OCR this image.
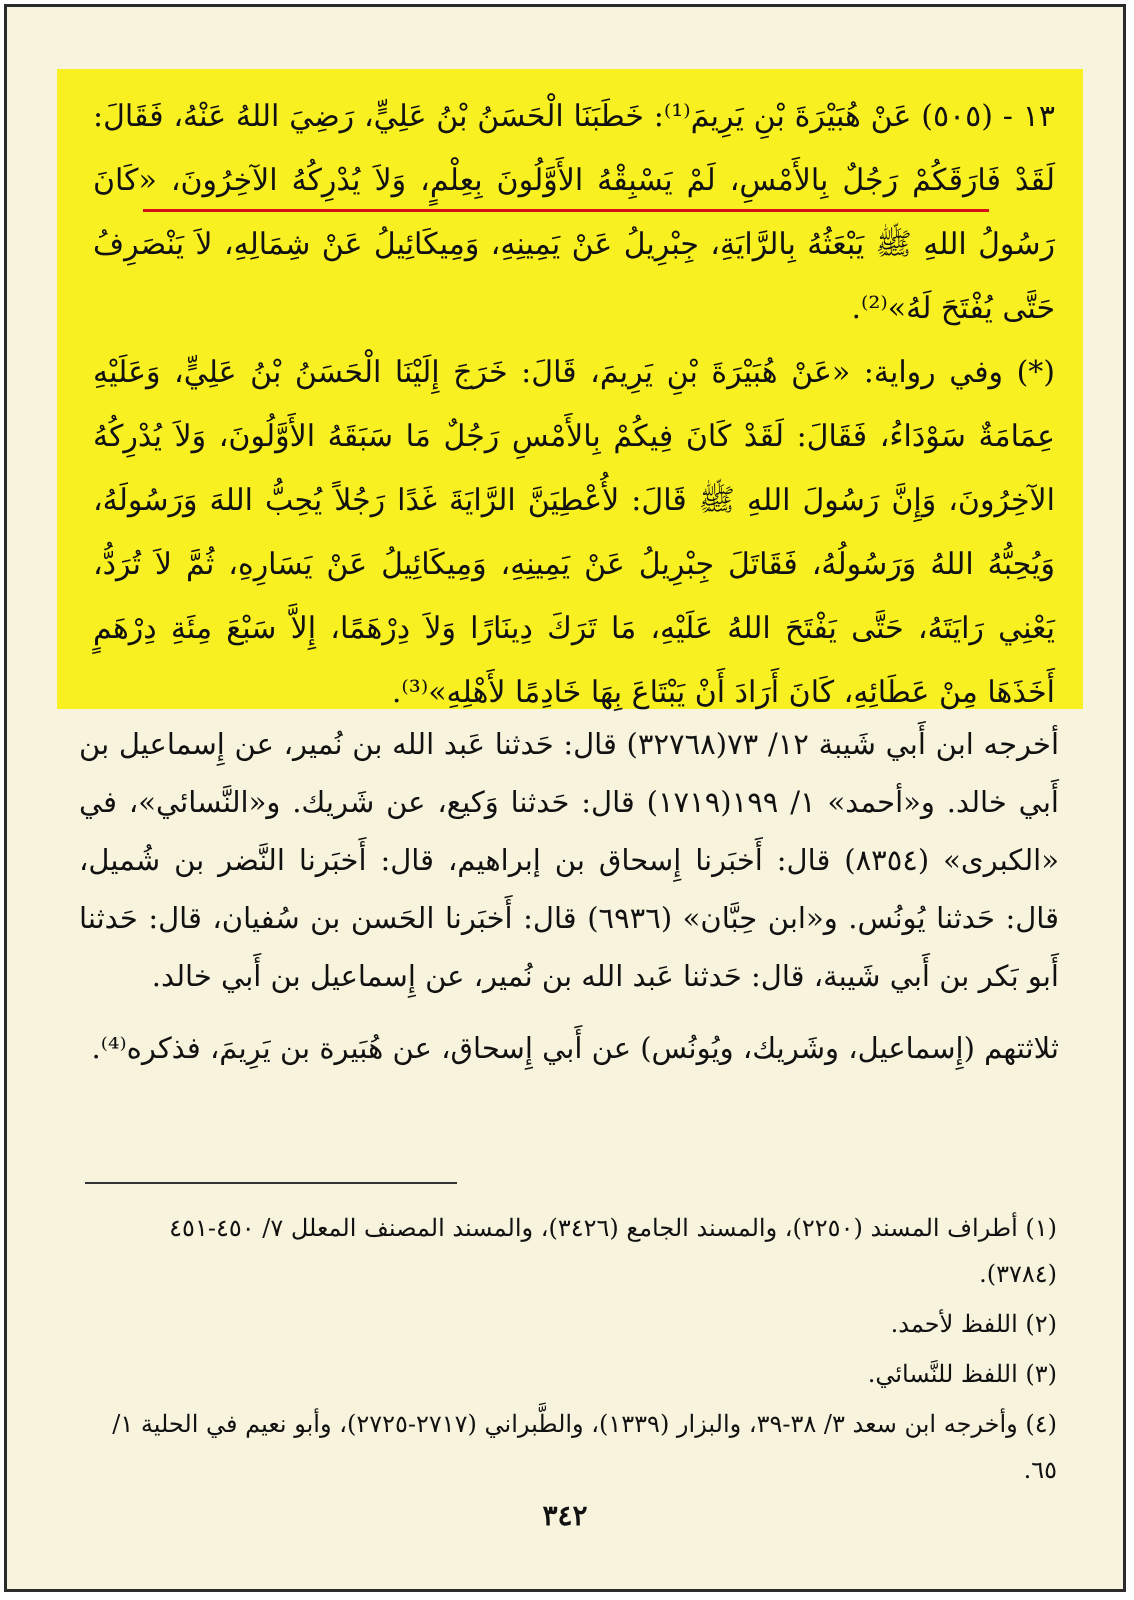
١٣ - (٥٠٥) عَنْ هُبَيْرَةَ بْنِ يَرِيمَ⁽¹⁾: خَطَبَنَا الْحَسَنُ بْنُ عَلِيٍّ، رَضِيَ اللهُ عَنْهُ، فَقَالَ: لَقَدْ فَارَقَكُمْ رَجُلٌ بِالأَمْسِ، لَمْ يَسْبِقْهُ الأَوَّلُونَ بِعِلْمٍ، وَلاَ يُدْرِكُهُ الآخِرُونَ، «كَانَ رَسُولُ اللهِ ﷺ يَبْعَثُهُ بِالرَّايَةِ، جِبْرِيلُ عَنْ يَمِينِهِ، وَمِيكَائِيلُ عَنْ شِمَالِهِ، لاَ يَنْصَرِفُ حَتَّى يُفْتَحَ لَهُ»⁽²⁾.

(*) وفي رواية: «عَنْ هُبَيْرَةَ بْنِ يَرِيمَ، قَالَ: خَرَجَ إِلَيْنَا الْحَسَنُ بْنُ عَلِيٍّ، وَعَلَيْهِ عِمَامَةٌ سَوْدَاءُ، فَقَالَ: لَقَدْ كَانَ فِيكُمْ بِالأَمْسِ رَجُلٌ مَا سَبَقَهُ الأَوَّلُونَ، وَلاَ يُدْرِكُهُ الآخِرُونَ، وَإِنَّ رَسُولَ اللهِ ﷺ قَالَ: لأُعْطِيَنَّ الرَّايَةَ غَدًا رَجُلاً يُحِبُّ اللهَ وَرَسُولَهُ، وَيُحِبُّهُ اللهُ وَرَسُولُهُ، فَقَاتَلَ جِبْرِيلُ عَنْ يَمِينِهِ، وَمِيكَائِيلُ عَنْ يَسَارِهِ، ثُمَّ لاَ تُرَدُّ، يَعْنِي رَايَتَهُ، حَتَّى يَفْتَحَ اللهُ عَلَيْهِ، مَا تَرَكَ دِينَارًا وَلاَ دِرْهَمًا، إِلاَّ سَبْعَ مِئَةِ دِرْهَمٍ أَخَذَهَا مِنْ عَطَائِهِ، كَانَ أَرَادَ أَنْ يَبْتَاعَ بِهَا خَادِمًا لأَهْلِهِ»⁽³⁾.

أخرجه ابن أَبي شَيبة ١٢/ ٧٣(٣٢٧٦٨) قال: حَدثنا عَبد الله بن نُمير، عن إِسماعيل بن أَبي خالد. و«أحمد» ١/ ١٩٩(١٧١٩) قال: حَدثنا وَكيع، عن شَريك. و«النَّسائي»، في «الكبرى» (٨٣٥٤) قال: أَخبَرنا إِسحاق بن إبراهيم، قال: أَخبَرنا النَّضر بن شُميل، قال: حَدثنا يُونُس. و«ابن حِبَّان» (٦٩٣٦) قال: أَخبَرنا الحَسن بن سُفيان، قال: حَدثنا أَبو بَكر بن أَبي شَيبة، قال: حَدثنا عَبد الله بن نُمير، عن إِسماعيل بن أَبي خالد.

ثلاثتهم (إِسماعيل، وشَريك، ويُونُس) عن أَبي إِسحاق، عن هُبَيرة بن يَرِيمَ، فذكره⁽⁴⁾.

(١) أطراف المسند (٢٢٥٠)، والمسند الجامع (٣٤٢٦)، والمسند المصنف المعلل ٧/ ٤٥٠-٤٥١ (٣٧٨٤).

(٢) اللفظ لأحمد.

(٣) اللفظ للنَّسائي.

(٤) وأخرجه ابن سعد ٣/ ٣٨-٣٩، والبزار (١٣٣٩)، والطَّبراني (٢٧١٧-٢٧٢٥)، وأبو نعيم في الحلية ١/ ٦٥.

٣٤٢
